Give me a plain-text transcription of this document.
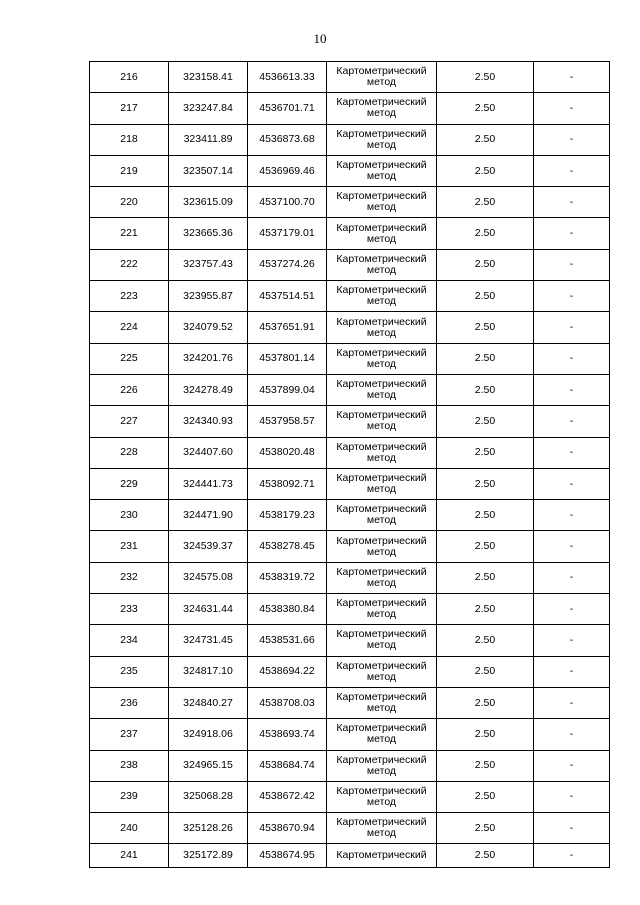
10
216	323158.41	4536613.33	Картометрический метод	2.50	-
217	323247.84	4536701.71	Картометрический метод	2.50	-
218	323411.89	4536873.68	Картометрический метод	2.50	-
219	323507.14	4536969.46	Картометрический метод	2.50	-
220	323615.09	4537100.70	Картометрический метод	2.50	-
221	323665.36	4537179.01	Картометрический метод	2.50	-
222	323757.43	4537274.26	Картометрический метод	2.50	-
223	323955.87	4537514.51	Картометрический метод	2.50	-
224	324079.52	4537651.91	Картометрический метод	2.50	-
225	324201.76	4537801.14	Картометрический метод	2.50	-
226	324278.49	4537899.04	Картометрический метод	2.50	-
227	324340.93	4537958.57	Картометрический метод	2.50	-
228	324407.60	4538020.48	Картометрический метод	2.50	-
229	324441.73	4538092.71	Картометрический метод	2.50	-
230	324471.90	4538179.23	Картометрический метод	2.50	-
231	324539.37	4538278.45	Картометрический метод	2.50	-
232	324575.08	4538319.72	Картометрический метод	2.50	-
233	324631.44	4538380.84	Картометрический метод	2.50	-
234	324731.45	4538531.66	Картометрический метод	2.50	-
235	324817.10	4538694.22	Картометрический метод	2.50	-
236	324840.27	4538708.03	Картометрический метод	2.50	-
237	324918.06	4538693.74	Картометрический метод	2.50	-
238	324965.15	4538684.74	Картометрический метод	2.50	-
239	325068.28	4538672.42	Картометрический метод	2.50	-
240	325128.26	4538670.94	Картометрический метод	2.50	-
241	325172.89	4538674.95	Картометрический	2.50	-
